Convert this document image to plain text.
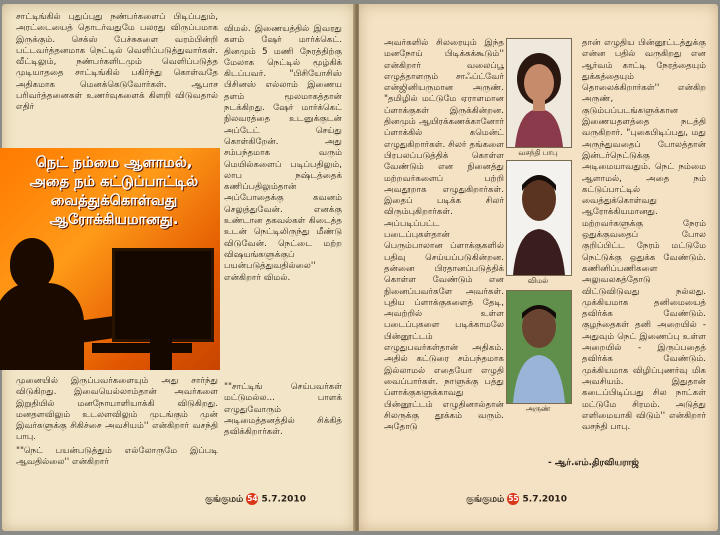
சாட்டிங்கில் புதுப்புது நண்பர்களைப் பிடிப்பதும், அரட்டையைத் தொடர்வதுமே பலரது விருப்பமாக இருக்கும். செக்ஸ் பேச்சுகளை வரம்பின்றி பட்டவர்த்தனமாக நெட்டில் வெளிப்படுத்துவார்கள். வீட்டிலும், நண்பர்களிடமும் வெளிப்படுத்த முடியாததை சாட்டிங்கில் பகிர்ந்து கொள்வதே அதிகமாக மெனக்கெடுவோர்கள். ஆபாச பரிவர்த்தனைகள் உணர்வுகளைக் கிளறி விடுவதால் எதிர்

நெட் நம்மை ஆளாமல், அதை நம் கட்டுப்பாட்டில் வைத்துக்கொள்வது ஆரோக்கியமானது.

முனையில் இருப்பவர்களையும் அது சார்ந்து விடுகிறது. இவையெல்லாம்தான் அவர்களை இறுதியில் மனநோயாளியாக்கி விடுகிறது. மனதளவிலும் உடலளவிலும் முடங்கும் முன் இவர்களுக்கு சிகிச்சை அவசியம்'' என்கிறார் வசந்தி பாபு.

""நெட் பயன்படுத்தும் எல்லோருமே இப்படி ஆவதில்லை'' என்கிறார்

விமல். இணையத்தில் இவரது களம் ஷேர் மார்க்கெட். தினமும் 5 மணி நேரத்திற்கு மேலாக நெட்டில் மூழ்கிக் கிடப்பவர். "பிசியோசிஸ் பிசினஸ் எல்லாம் இணைய தளம் மூலமாகத்தான் நடக்கிறது. ஷேர் மார்க்கெட் நிலவரத்தை உடனுக்குடன் அப்டேட் செய்து கொள்கிறேன். அது சம்பந்தமாக வரும் மெயில்களைப் படிப்பதிலும், லாப நஷ்டத்தைக் கணிப்பதிலும்தான் அப்போதைக்கு கவனம் செலுத்துவேன். எனக்கு உண்டான தகவல்கள் கிடைத்த உடன் நெட்டிலிருந்து மீண்டு விடுவேன். நெட்டை மற்ற விஷயங்களுக்குப் பயன்படுத்துவதில்லை'' என்கிறார் விமல்.

""சாட்டிங் செய்பவர்கள் மட்டுமல்ல... பாளக் எழுதுவோரும் அடிமைத்தனத்தில் சிக்கித் தவிக்கிறார்கள்.

குங்குமம் 54 5.7.2010

அவர்களில் சிலரையும் இந்த மனநோய் பிடிக்கக்கூடும்'' என்கிறார் வலைப்பூ எழுத்தாளரும் சாஃப்ட்வேர் என்ஜினியருமான அருண். "தமிழில் மட்டுமே ஏராளமான ப்ளாக்குகள் இருக்கின்றன. தினமும் ஆயிரக்கணக்கானோர் ப்ளாக்கில் கமென்ட் எழுதுகிறார்கள். சிலர் தங்களை பிரபலப்படுத்திக் கொள்ள வேண்டும் என நினைத்து மற்றவர்களைப் பற்றி அவதூறாக எழுதுகிறார்கள். இதைப் படிக்க சிலர் விரும்புகிறார்கள். அப்படிப்பட்ட படைப்புகள்தான் பெரும்பாலான ப்ளாக்குகளில் பதிவு செய்யப்படுகின்றன. தன்னை பிரதானப்படுத்திக் கொள்ள வேண்டும் என நினைப்பவர்களே அவர்கள். புதிய ப்ளாக்குகளைத் தேடி, அவற்றில் உள்ள படைப்புகளை படிக்காமலே பின்னூட்டம் எழுதுபவர்கள்தான் அதிகம். அதில் கட்டுரை சம்பந்தமாக இல்லாமல் எதையோ எழுதி வைப்பார்கள். நாளுக்கு பத்து ப்ளாக்குகளுக்காவது பின்னூட்டம் எழுதினால்தான் சிலருக்கு தூக்கம் வரும். அதோடு

வசந்தி பாபு
விமல்
அருண்

தான் எழுதிய பின்னூட்டத்துக்கு என்ன பதில் வருகிறது என ஆர்வம் காட்டி நேரத்தையும் துக்கத்தையும் தொலைக்கிறார்கள்'' என்கிற அருண், குடும்பப்படங்களுக்கான இணையதளத்தை நடத்தி வருகிறார். "புகைபிடிப்பது, மது அருந்துவதைப் போலத்தான் இன்டர்நெட்டுக்கு அடிமையாவதும். நெட் நம்மை ஆளாமல், அதை நம் கட்டுப்பாட்டில் வைத்துக்கொள்வது ஆரோக்கியமானது. மற்றவர்களுக்கு நேரம் ஒதுக்குவதைப் போல குறிப்பிட்ட நேரம் மட்டுமே நெட்டுக்கு ஒதுக்க வேண்டும். கணினிப்பணிகளை அலுவலகத்தோடு விட்டுவிடுவது நல்லது. முக்கியமாக தனிமையைத் தவிர்க்க வேண்டும். குழந்தைகள் தனி அறையில் - அதுவும் நெட் இணைப்பு உள்ள அறையில் - இருப்பதைத் தவிர்க்க வேண்டும். முக்கியமாக விழிப்புணர்வு மிக அவசியம். இதுதான் கடைப்பிடிப்பது சில நாட்கள் மட்டுமே சிரமம். அடுத்து எளிமையாகி விடும்'' என்கிறார் வசந்தி பாபு.

- ஆர்.எம்.திரவியராஜ்
குங்குமம் 55 5.7.2010
